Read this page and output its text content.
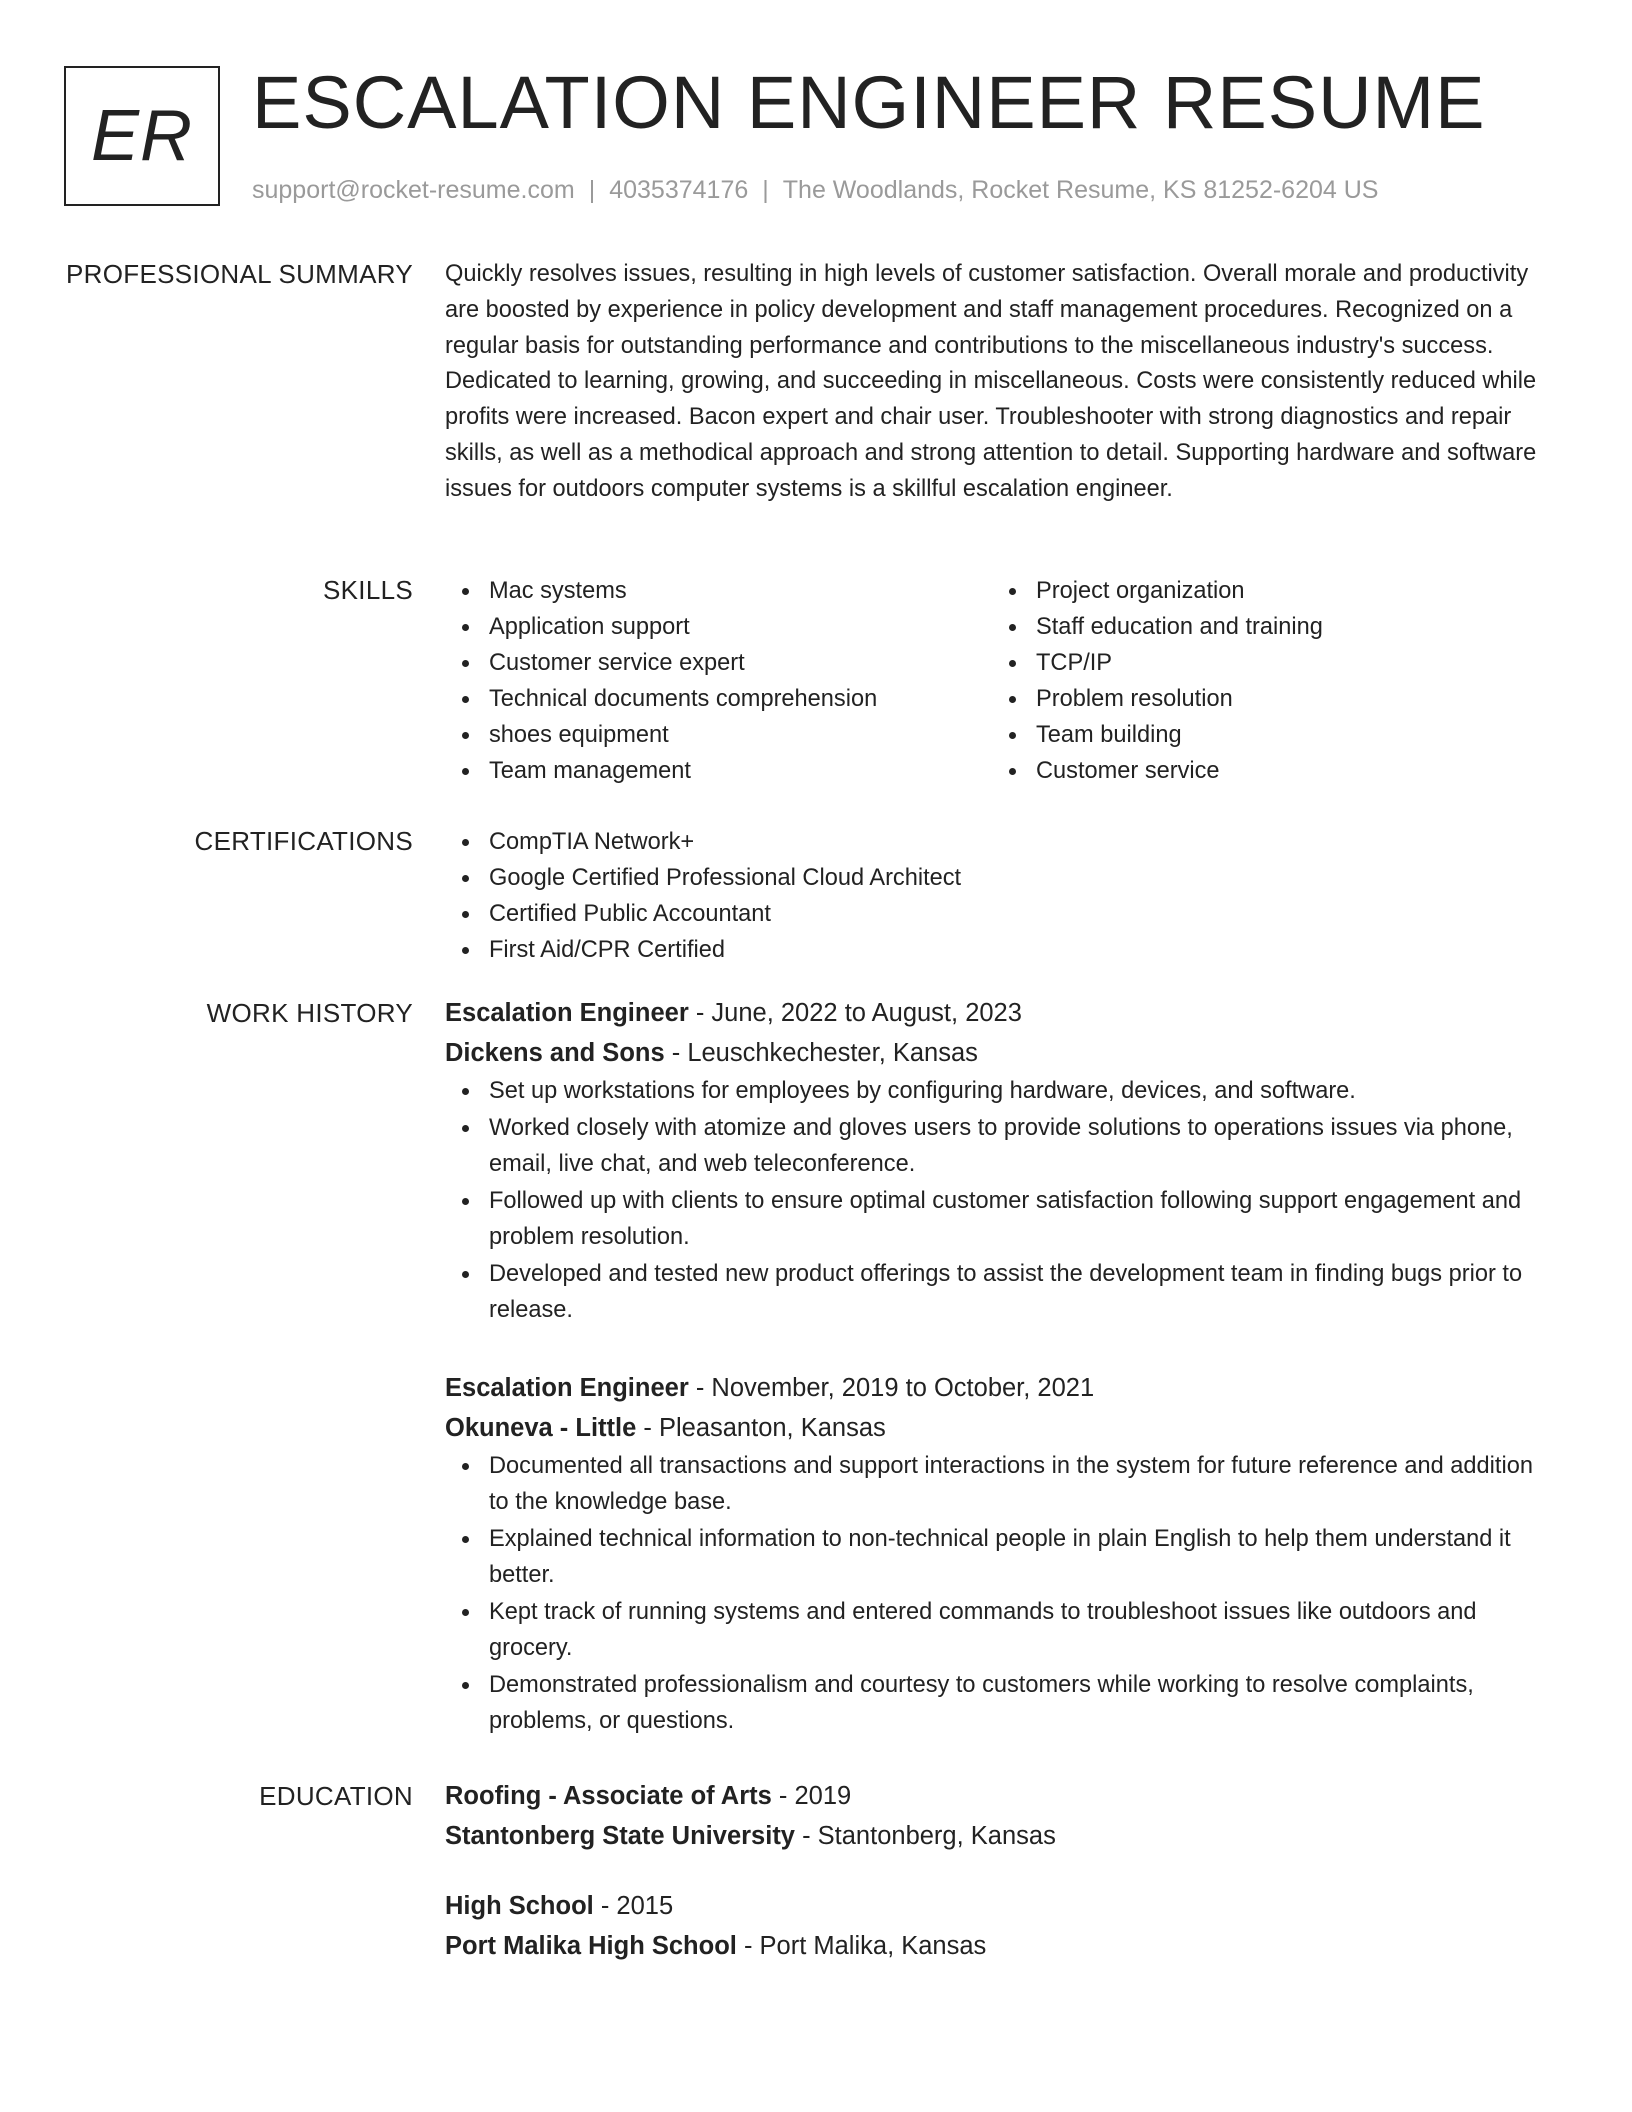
ER ESCALATION ENGINEER RESUME
support@rocket-resume.com | 4035374176 | The Woodlands, Rocket Resume, KS 81252-6204 US
PROFESSIONAL SUMMARY Quickly resolves issues, resulting in high levels of customer satisfaction. Overall morale and productivity are boosted by experience in policy development and staff management procedures. Recognized on a regular basis for outstanding performance and contributions to the miscellaneous industry's success. Dedicated to learning, growing, and succeeding in miscellaneous. Costs were consistently reduced while profits were increased. Bacon expert and chair user. Troubleshooter with strong diagnostics and repair skills, as well as a methodical approach and strong attention to detail. Supporting hardware and software issues for outdoors computer systems is a skillful escalation engineer.

SKILLS	Mac systems
Application support
Customer service expert
Technical documents comprehension
shoes equipment
Team management
Project organization
Staff education and training
TCP/IP
Problem resolution
Team building
Customer service
CERTIFICATIONS	CompTIA Network+
Google Certified Professional Cloud Architect
Certified Public Accountant
First Aid/CPR Certified
WORK HISTORY Escalation Engineer - June, 2022 to August, 2023
Dickens and Sons - Leuschkechester, Kansas
Set up workstations for employees by configuring hardware, devices, and software.
Worked closely with atomize and gloves users to provide solutions to operations issues via phone, email, live chat, and web teleconference.
Followed up with clients to ensure optimal customer satisfaction following support engagement and problem resolution.
Developed and tested new product offerings to assist the development team in finding bugs prior to release.
Escalation Engineer - November, 2019 to October, 2021
Okuneva - Little - Pleasanton, Kansas
Documented all transactions and support interactions in the system for future reference and addition to the knowledge base.
Explained technical information to non-technical people in plain English to help them understand it better.
Kept track of running systems and entered commands to troubleshoot issues like outdoors and grocery.
Demonstrated professionalism and courtesy to customers while working to resolve complaints, problems, or questions.
EDUCATION Roofing - Associate of Arts - 2019
Stantonberg State University - Stantonberg, Kansas
High School - 2015
Port Malika High School - Port Malika, Kansas
